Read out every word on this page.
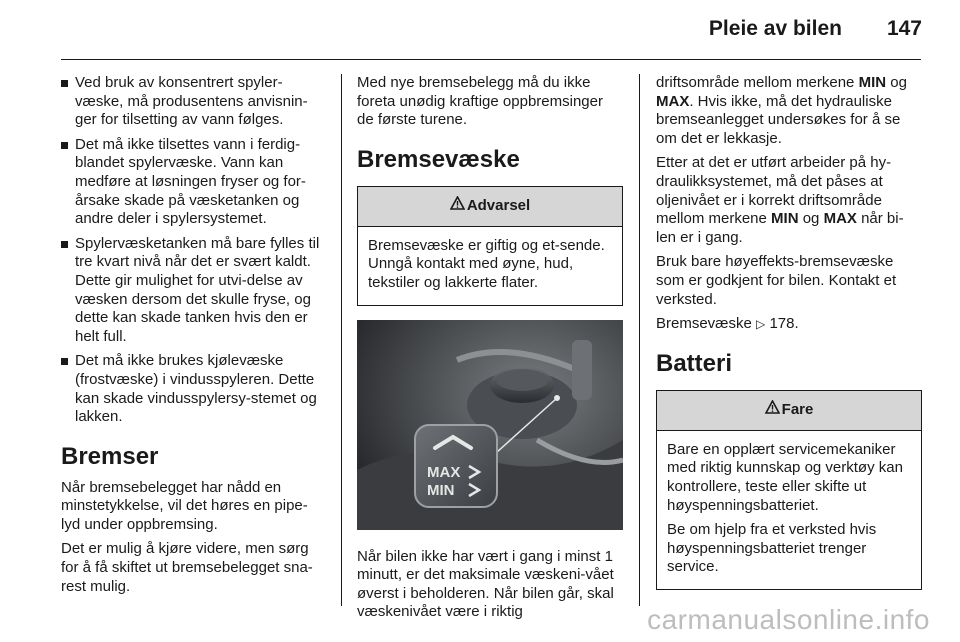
Pleie av bilen 147
Ved bruk av konsentrert spyler-væske, må produsentens anvisnin-ger for tilsetting av vann følges.
Det må ikke tilsettes vann i ferdig-blandet spylervæske. Vann kan medføre at løsningen fryser og for-årsake skade på væsketanken og andre deler i spylersystemet.
Spylervæsketanken må bare fylles til tre kvart nivå når det er svært kaldt. Dette gir mulighet for utvi-delse av væsken dersom det skulle fryse, og dette kan skade tanken hvis den er helt full.
Det må ikke brukes kjølevæske (frostvæske) i vindusspyleren. Dette kan skade vindusspylersy-stemet og lakken.
Bremser

Når bremsebelegget har nådd en minstetykkelse, vil det høres en pipe-lyd under oppbremsing.

Det er mulig å kjøre videre, men sørg for å få skiftet ut bremsebelegget sna-rest mulig.

Med nye bremsebelegg må du ikke foreta unødig kraftige oppbremsinger de første turene.

Bremsevæske
Advarsel

Bremsevæske er giftig og et-sende. Unngå kontakt med øyne, hud, tekstiler og lakkerte flater.

MAX
MIN

Når bilen ikke har vært i gang i minst 1 minutt, er det maksimale væskeni-vået øverst i beholderen. Når bilen går, skal væskenivået være i riktig

driftsområde mellom merkene MIN og MAX. Hvis ikke, må det hydrauliske bremseanlegget undersøkes for å se om det er lekkasje.

Etter at det er utført arbeider på hy-draulikksystemet, må det påses at oljenivået er i korrekt driftsområde mellom merkene MIN og MAX når bi-len er i gang.

Bruk bare høyeffekts-bremsevæske som er godkjent for bilen. Kontakt et verksted.

Bremsevæske ▷ 178.

Batteri
Fare

Bare en opplært servicemekaniker med riktig kunnskap og verktøy kan kontrollere, teste eller skifte ut høyspenningsbatteriet.

Be om hjelp fra et verksted hvis høyspenningsbatteriet trenger service.

carmanualsonline.info
